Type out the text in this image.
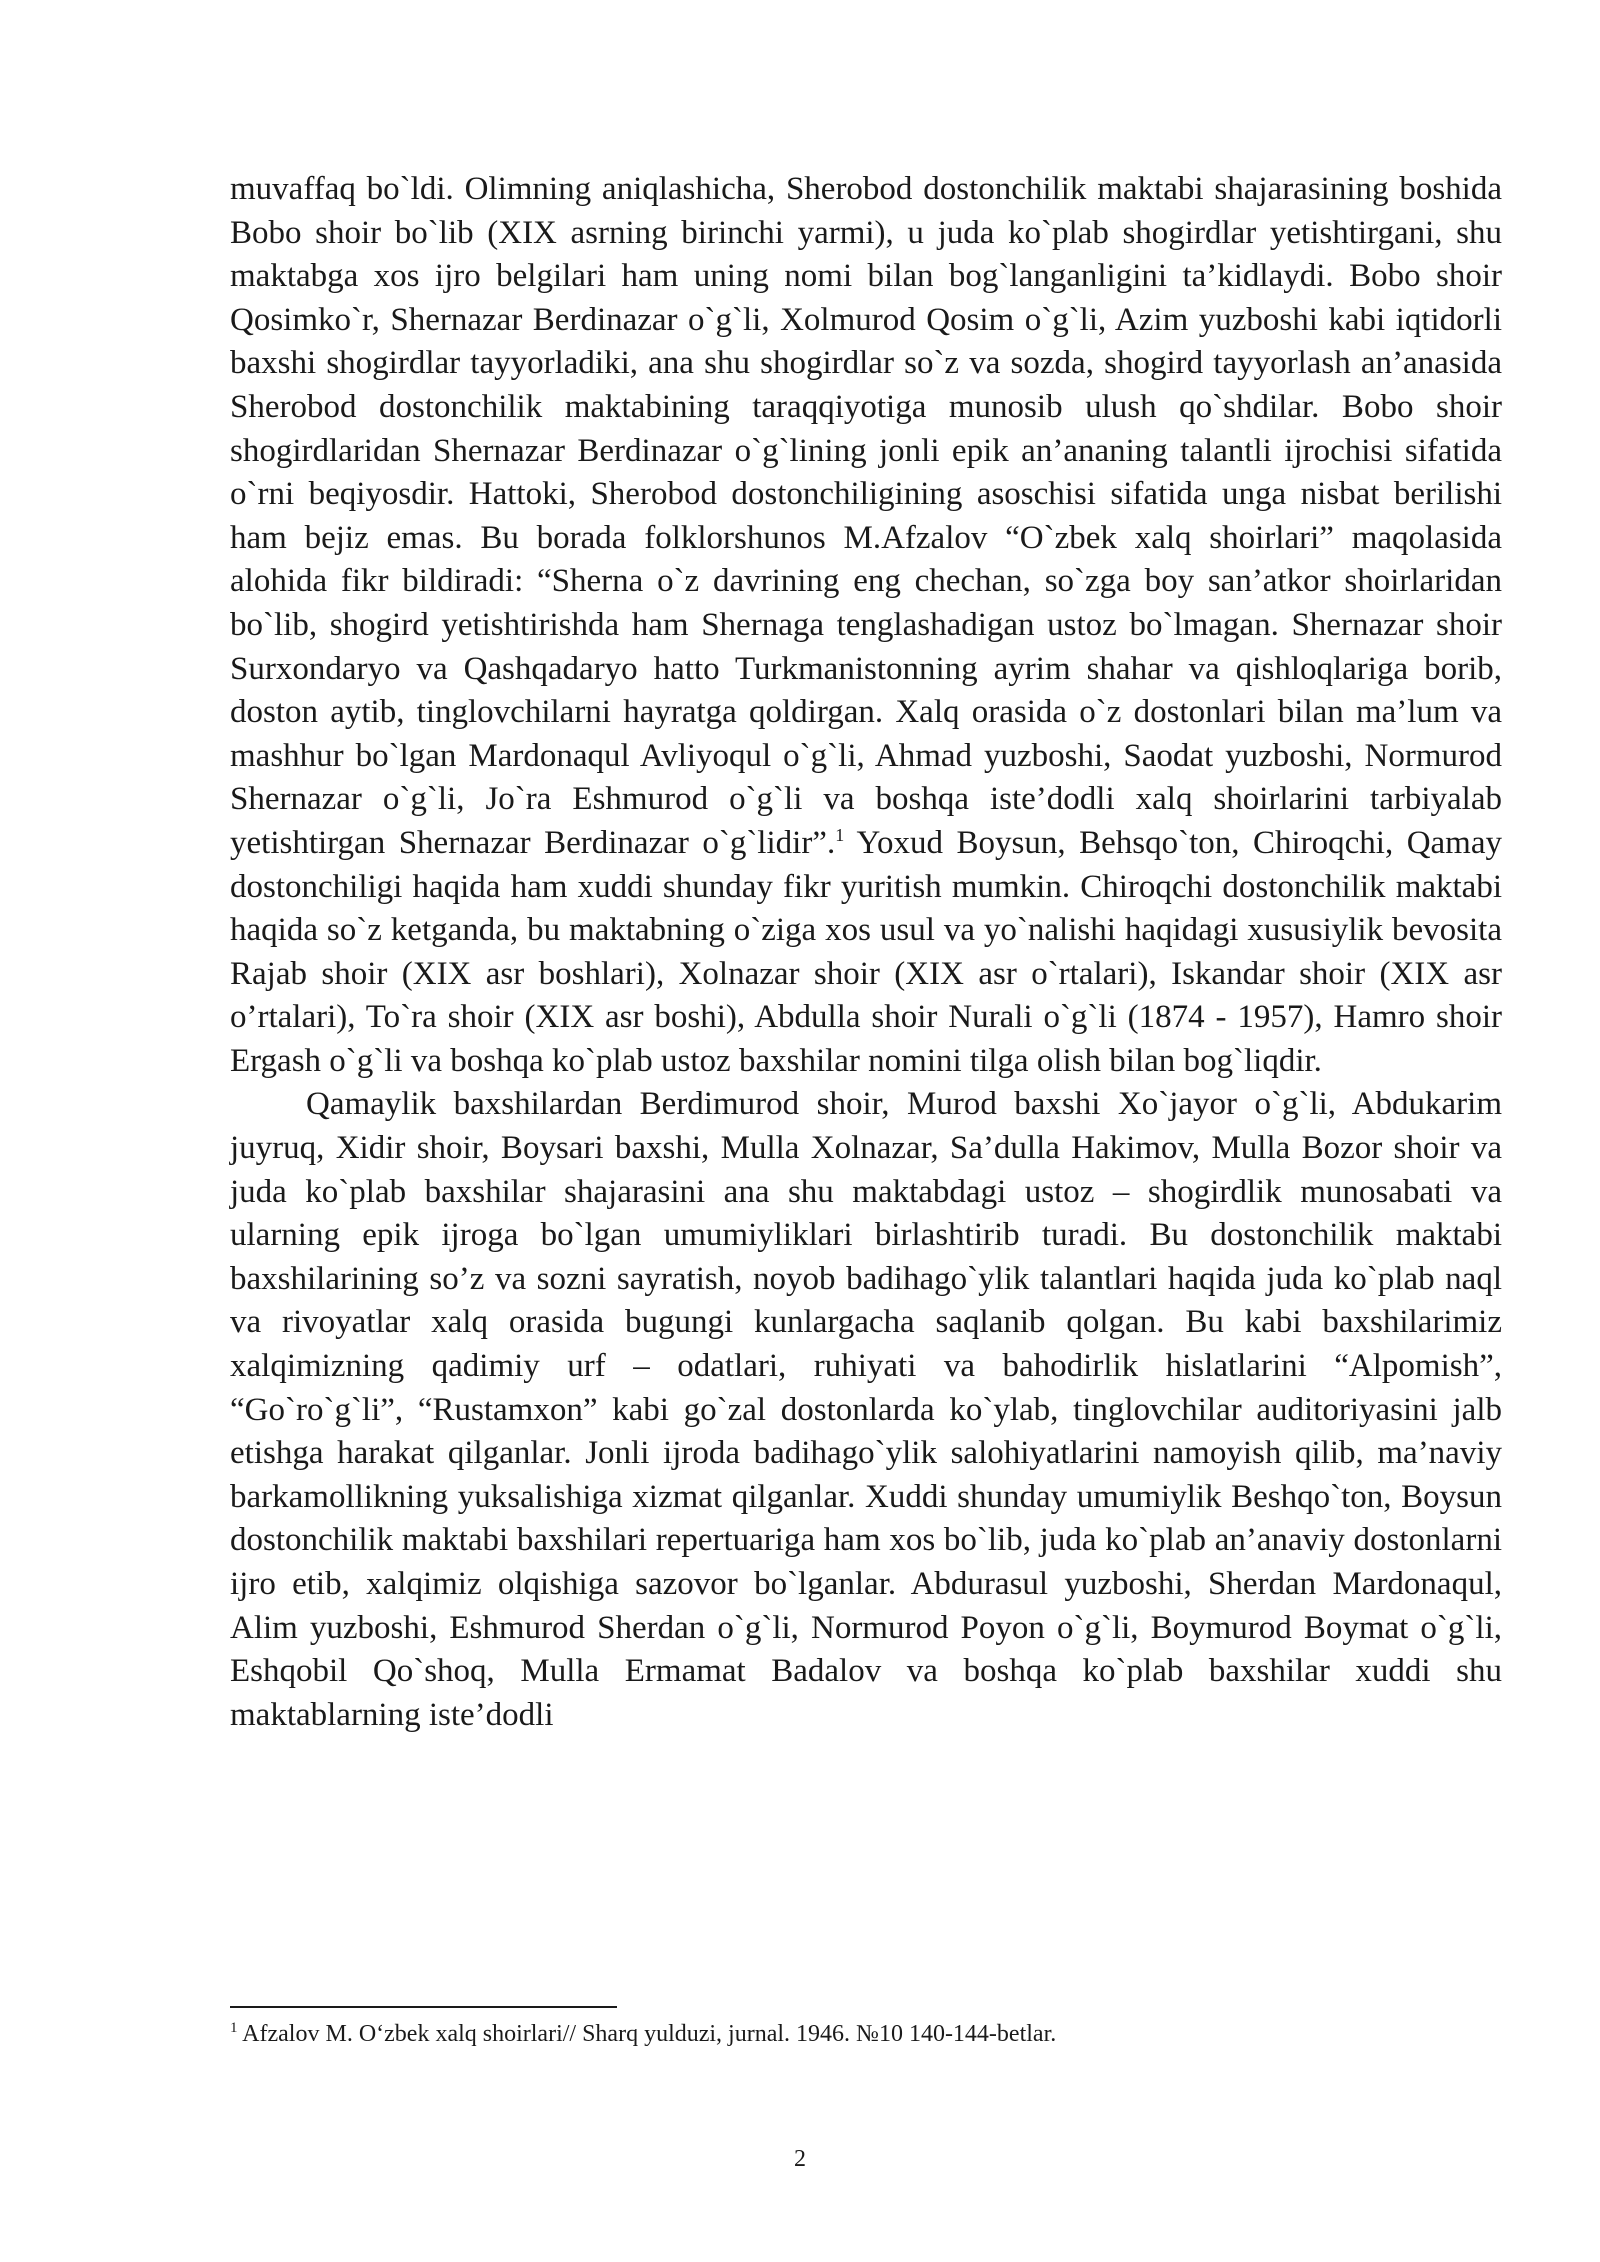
muvaffaq bo`ldi. Olimning aniqlashicha, Sherobod dostonchilik maktabi shajarasining boshida Bobo shoir bo`lib (XIX asrning birinchi yarmi), u juda ko`plab shogirdlar yetishtirgani, shu maktabga xos ijro belgilari ham uning nomi bilan bog`langanligini ta’kidlaydi. Bobo shoir Qosimko`r, Shernazar Berdinazar o`g`li, Xolmurod Qosim o`g`li, Azim yuzboshi kabi iqtidorli baxshi shogirdlar tayyorladiki, ana shu shogirdlar so`z va sozda, shogird tayyorlash an’anasida Sherobod dostonchilik maktabining taraqqiyotiga munosib ulush qo`shdilar. Bobo shoir shogirdlaridan Shernazar Berdinazar o`g`lining jonli epik an’ananing talantli ijrochisi sifatida o`rni beqiyosdir. Hattoki, Sherobod dostonchiligining asoschisi sifatida unga nisbat berilishi ham bejiz emas. Bu borada folklorshunos M.Afzalov “O`zbek xalq shoirlari” maqolasida alohida fikr bildiradi: “Sherna o`z davrining eng chechan, so`zga boy san’atkor shoirlaridan bo`lib, shogird yetishtirishda ham Shernaga tenglashadigan ustoz bo`lmagan. Shernazar shoir Surxondaryo va Qashqadaryo hatto Turkmanistonning ayrim shahar va qishloqlariga borib, doston aytib, tinglovchilarni hayratga qoldirgan. Xalq orasida o`z dostonlari bilan ma’lum va mashhur bo`lgan Mardonaqul Avliyoqul o`g`li, Ahmad yuzboshi, Saodat yuzboshi, Normurod Shernazar o`g`li, Jo`ra Eshmurod o`g`li va boshqa iste’dodli xalq shoirlarini tarbiyalab yetishtirgan Shernazar Berdinazar o`g`lidir”.$^1$ Yoxud Boysun, Behsqo`ton, Chiroqchi, Qamay dostonchiligi haqida ham xuddi shunday fikr yuritish mumkin. Chiroqchi dostonchilik maktabi haqida so`z ketganda, bu maktabning o`ziga xos usul va yo`nalishi haqidagi xususiylik bevosita Rajab shoir (XIX asr boshlari), Xolnazar shoir (XIX asr o`rtalari), Iskandar shoir (XIX asr o’rtalari), To`ra shoir (XIX asr boshi), Abdulla shoir Nurali o`g`li (1874 - 1957), Hamro shoir Ergash o`g`li va boshqa ko`plab ustoz baxshilar nomini tilga olish bilan bog`liqdir.

Qamaylik baxshilardan Berdimurod shoir, Murod baxshi Xo`jayor o`g`li, Abdukarim juyruq, Xidir shoir, Boysari baxshi, Mulla Xolnazar, Sa’dulla Hakimov, Mulla Bozor shoir va juda ko`plab baxshilar shajarasini ana shu maktabdagi ustoz – shogirdlik munosabati va ularning epik ijroga bo`lgan umumiyliklari birlashtirib turadi. Bu dostonchilik maktabi baxshilarining so’z va sozni sayratish, noyob badihago`ylik talantlari haqida juda ko`plab naql va rivoyatlar xalq orasida bugungi kunlargacha saqlanib qolgan. Bu kabi baxshilarimiz xalqimizning qadimiy urf – odatlari, ruhiyati va bahodirlik hislatlarini “Alpomish”, “Go`ro`g`li”, “Rustamxon” kabi go`zal dostonlarda ko`ylab, tinglovchilar auditoriyasini jalb etishga harakat qilganlar. Jonli ijroda badihago`ylik salohiyatlarini namoyish qilib, ma’naviy barkamollikning yuksalishiga xizmat qilganlar. Xuddi shunday umumiylik Beshqo`ton, Boysun dostonchilik maktabi baxshilari repertuariga ham xos bo`lib, juda ko`plab an’anaviy dostonlarni ijro etib, xalqimiz olqishiga sazovor bo`lganlar. Abdurasul yuzboshi, Sherdan Mardonaqul, Alim yuzboshi, Eshmurod Sherdan o`g`li, Normurod Poyon o`g`li, Boymurod Boymat o`g`li, Eshqobil Qo`shoq, Mulla Ermamat Badalov va boshqa ko`plab baxshilar xuddi shu maktablarning iste’dodli

$^1$ Afzalov M. O‘zbek xalq shoirlari// Sharq yulduzi, jurnal. 1946. №10 140-144-betlar.
2
